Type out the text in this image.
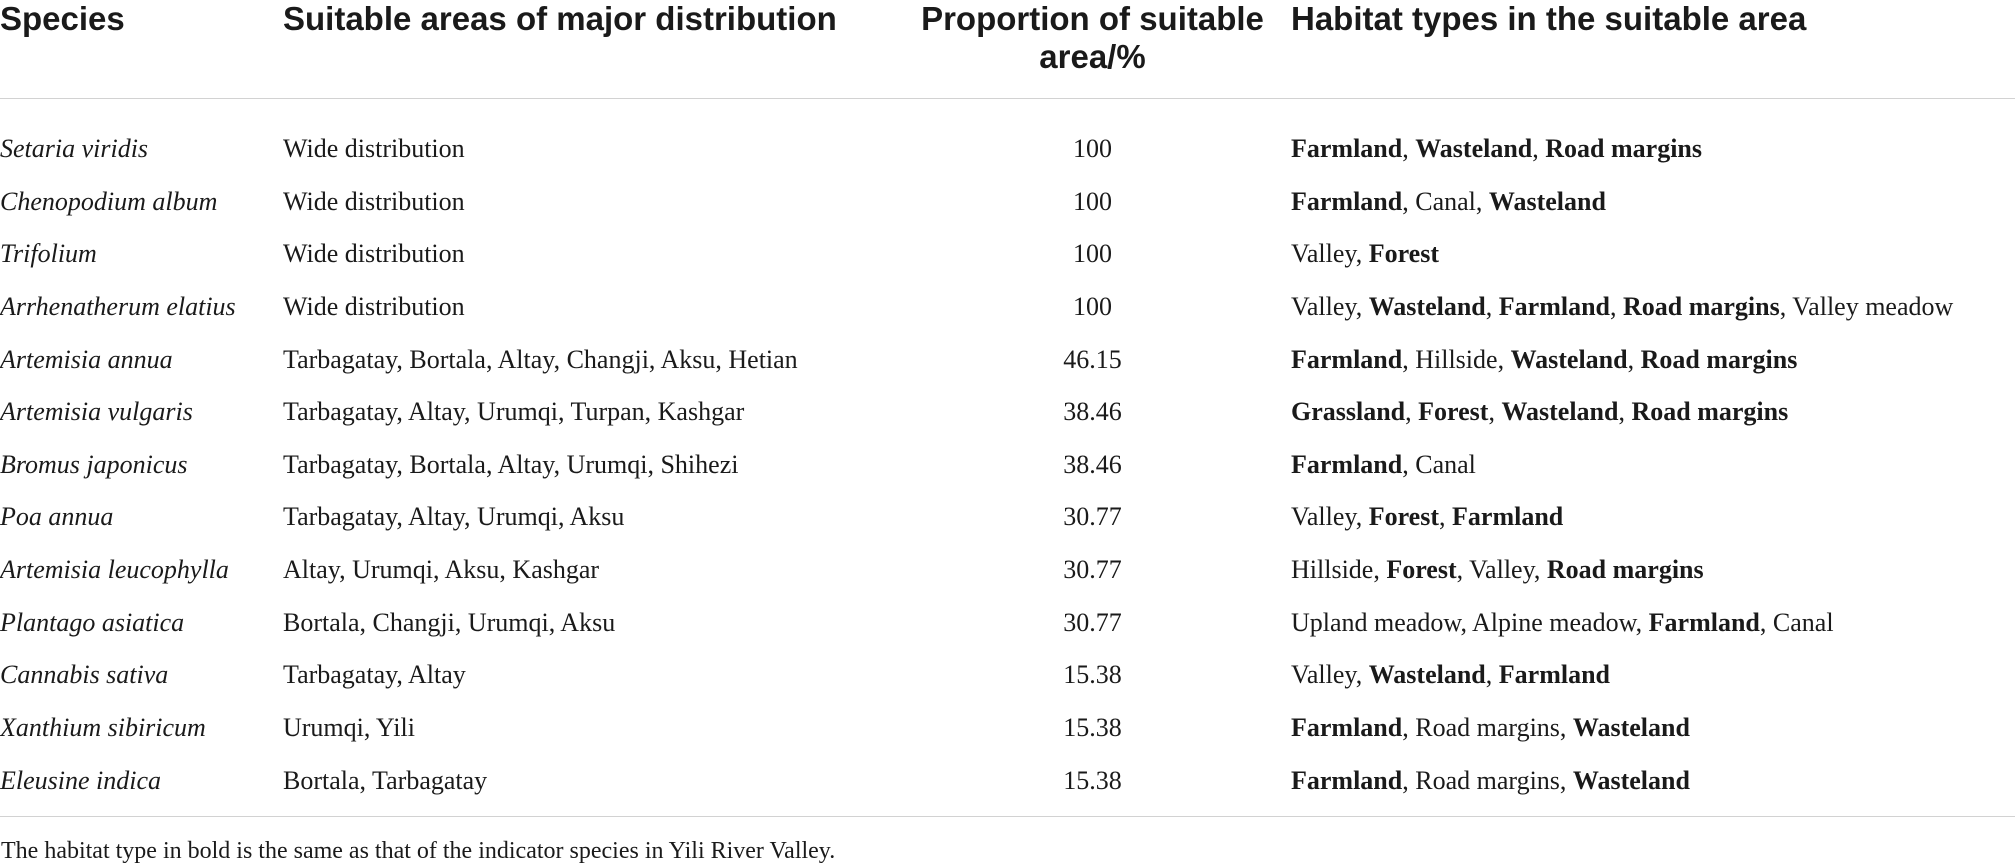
Species	Suitable areas of major distribution	Proportion of suitable area/%	Habitat types in the suitable area
Setaria viridis	Wide distribution	100	Farmland, Wasteland, Road margins
Chenopodium album	Wide distribution	100	Farmland, Canal, Wasteland
Trifolium	Wide distribution	100	Valley, Forest
Arrhenatherum elatius	Wide distribution	100	Valley, Wasteland, Farmland, Road margins, Valley meadow
Artemisia annua	Tarbagatay, Bortala, Altay, Changji, Aksu, Hetian	46.15	Farmland, Hillside, Wasteland, Road margins
Artemisia vulgaris	Tarbagatay, Altay, Urumqi, Turpan, Kashgar	38.46	Grassland, Forest, Wasteland, Road margins
Bromus japonicus	Tarbagatay, Bortala, Altay, Urumqi, Shihezi	38.46	Farmland, Canal
Poa annua	Tarbagatay, Altay, Urumqi, Aksu	30.77	Valley, Forest, Farmland
Artemisia leucophylla	Altay, Urumqi, Aksu, Kashgar	30.77	Hillside, Forest, Valley, Road margins
Plantago asiatica	Bortala, Changji, Urumqi, Aksu	30.77	Upland meadow, Alpine meadow, Farmland, Canal
Cannabis sativa	Tarbagatay, Altay	15.38	Valley, Wasteland, Farmland
Xanthium sibiricum	Urumqi, Yili	15.38	Farmland, Road margins, Wasteland
Eleusine indica	Bortala, Tarbagatay	15.38	Farmland, Road margins, Wasteland
The habitat type in bold is the same as that of the indicator species in Yili River Valley.			
